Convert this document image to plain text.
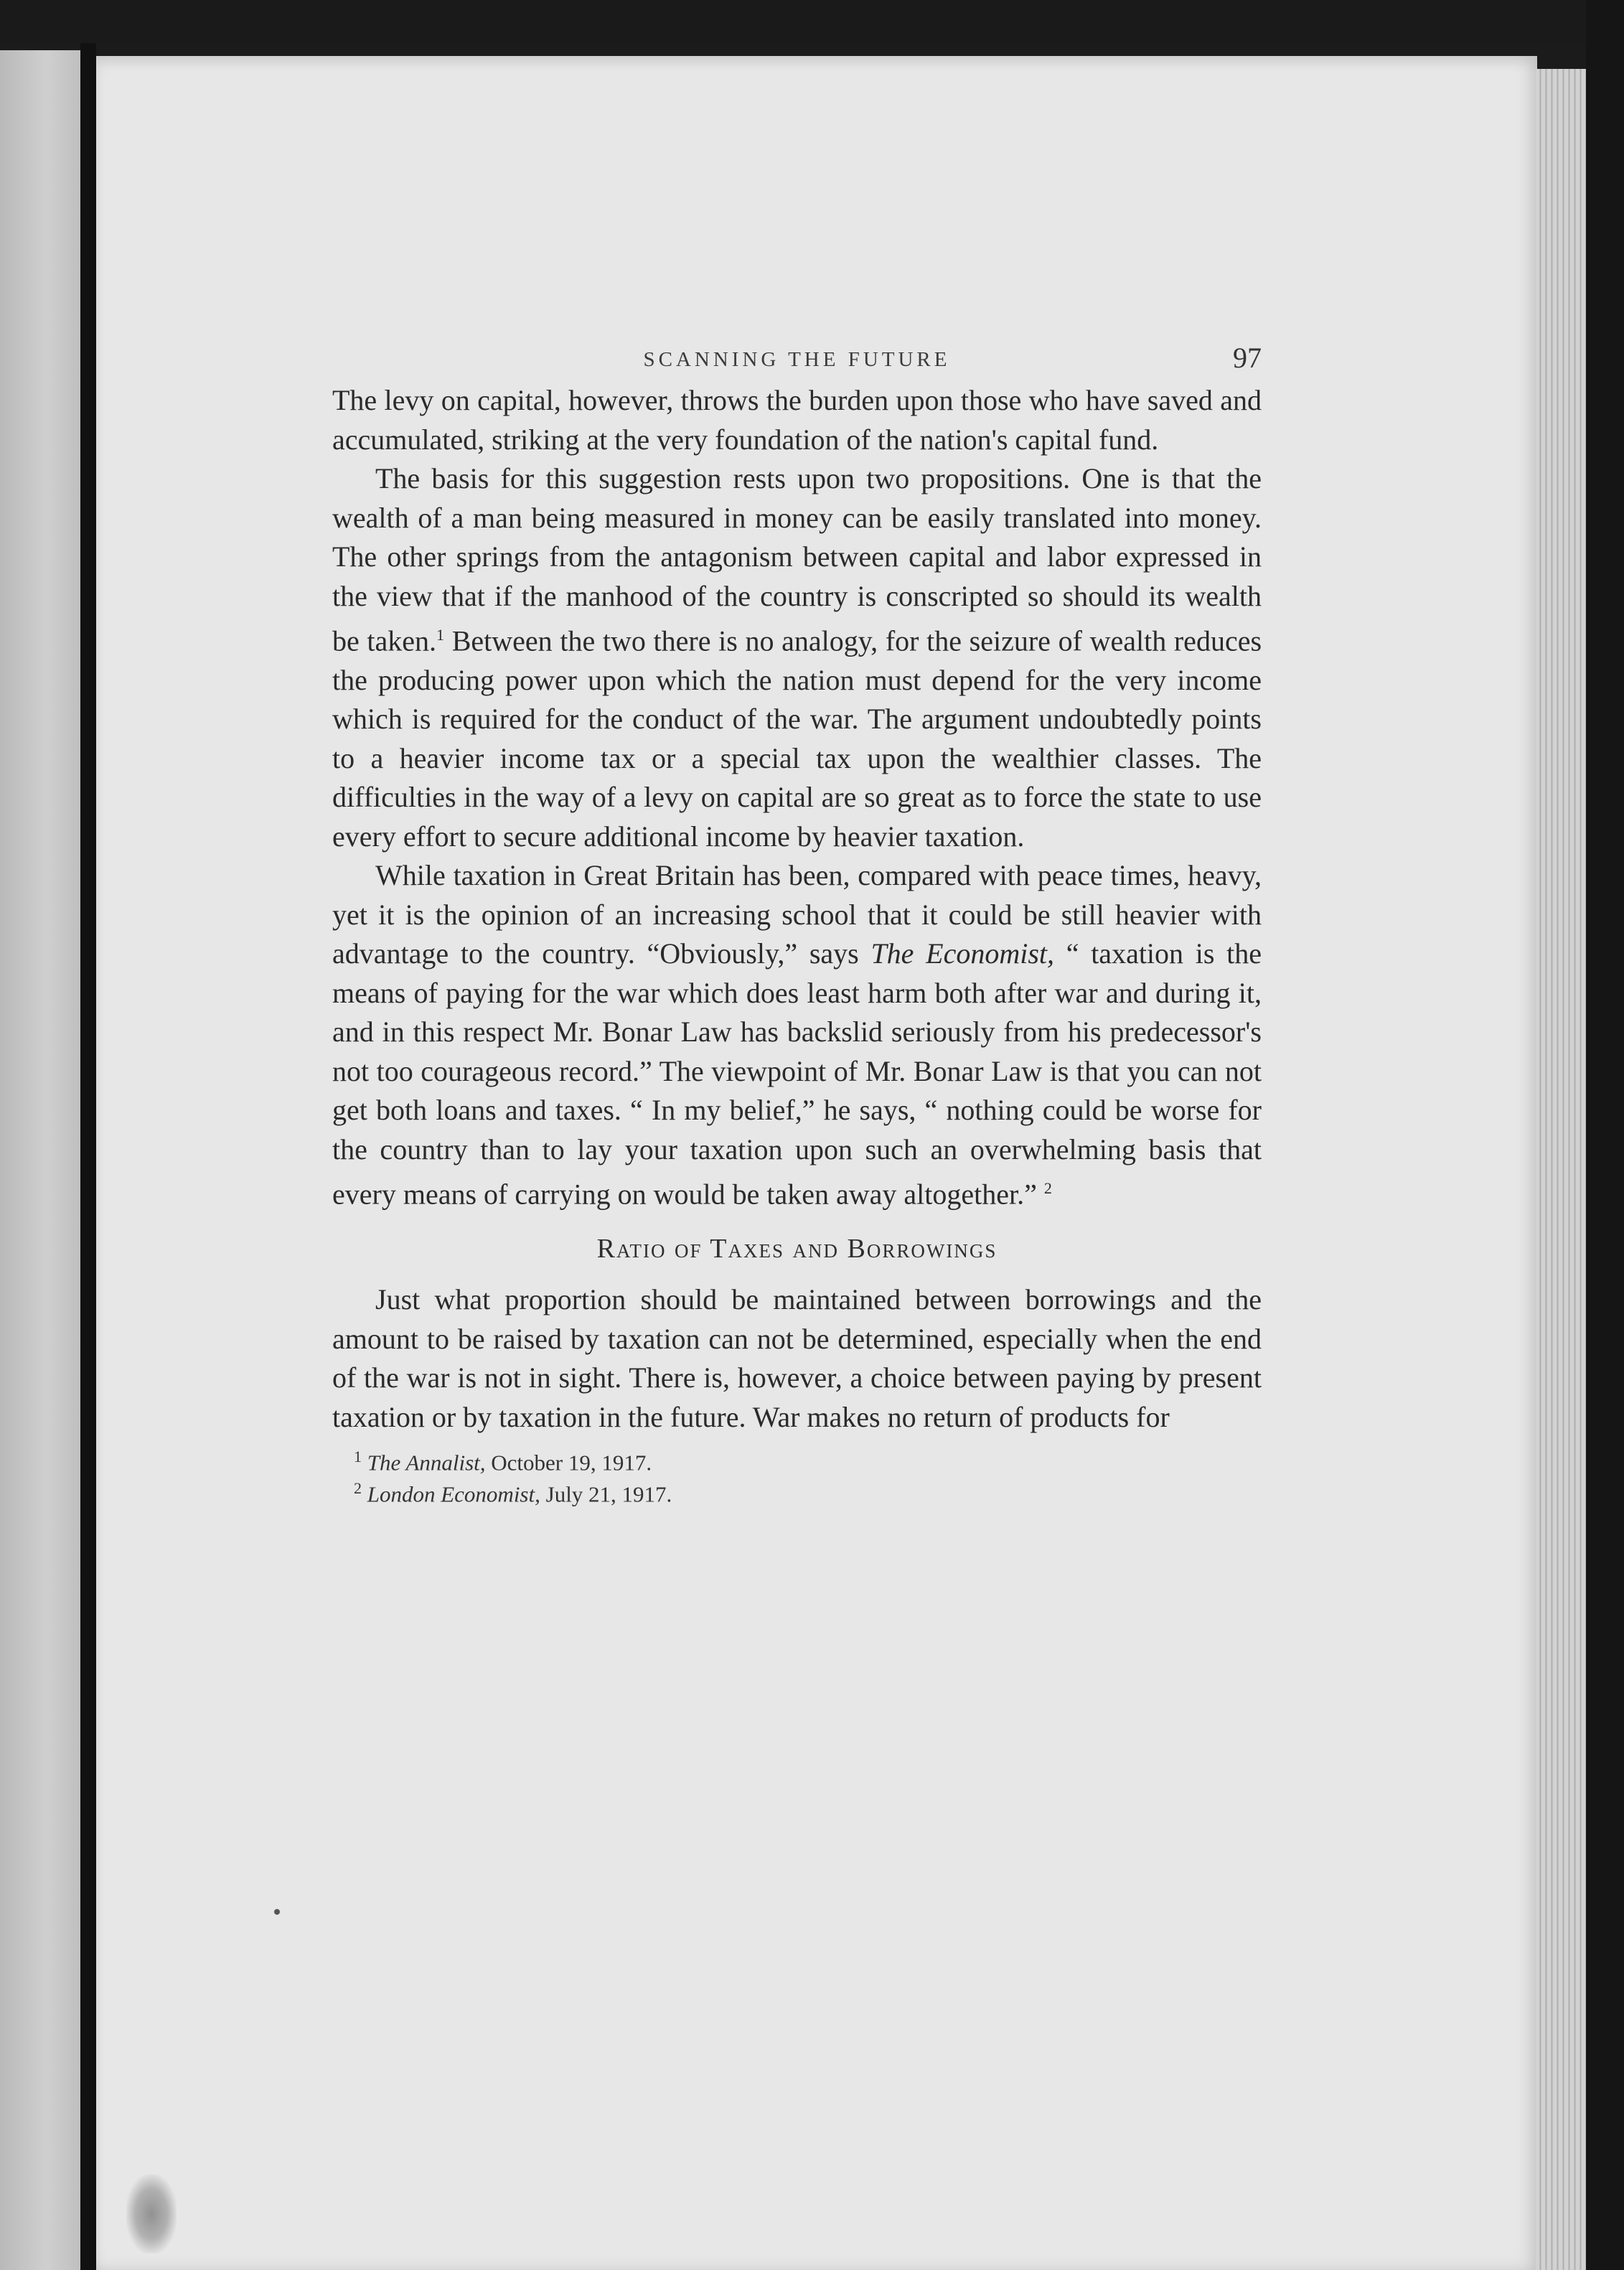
SCANNING THE FUTURE	97

The levy on capital, however, throws the burden upon those who have saved and accumulated, striking at the very foundation of the nation's capital fund.

The basis for this suggestion rests upon two propositions. One is that the wealth of a man being measured in money can be easily translated into money. The other springs from the antagonism between capital and labor expressed in the view that if the manhood of the country is conscripted so should its wealth be taken.$^1$ Between the two there is no analogy, for the seizure of wealth reduces the producing power upon which the nation must depend for the very income which is required for the conduct of the war. The argument undoubtedly points to a heavier income tax or a special tax upon the wealthier classes. The difficulties in the way of a levy on capital are so great as to force the state to use every effort to secure additional income by heavier taxation.

While taxation in Great Britain has been, compared with peace times, heavy, yet it is the opinion of an increasing school that it could be still heavier with advantage to the country. “Obviously,” says The Economist, “ taxation is the means of paying for the war which does least harm both after war and during it, and in this respect Mr. Bonar Law has backslid seriously from his predecessor's not too courageous record.” The viewpoint of Mr. Bonar Law is that you can not get both loans and taxes. “ In my belief,” he says, “ nothing could be worse for the country than to lay your taxation upon such an overwhelming basis that every means of carrying on would be taken away altogether.” $^2$

Ratio of Taxes and Borrowings

Just what proportion should be maintained between borrowings and the amount to be raised by taxation can not be determined, especially when the end of the war is not in sight. There is, however, a choice between paying by present taxation or by taxation in the future. War makes no return of products for

$^1$ The Annalist, October 19, 1917.
$^2$ London Economist, July 21, 1917.
